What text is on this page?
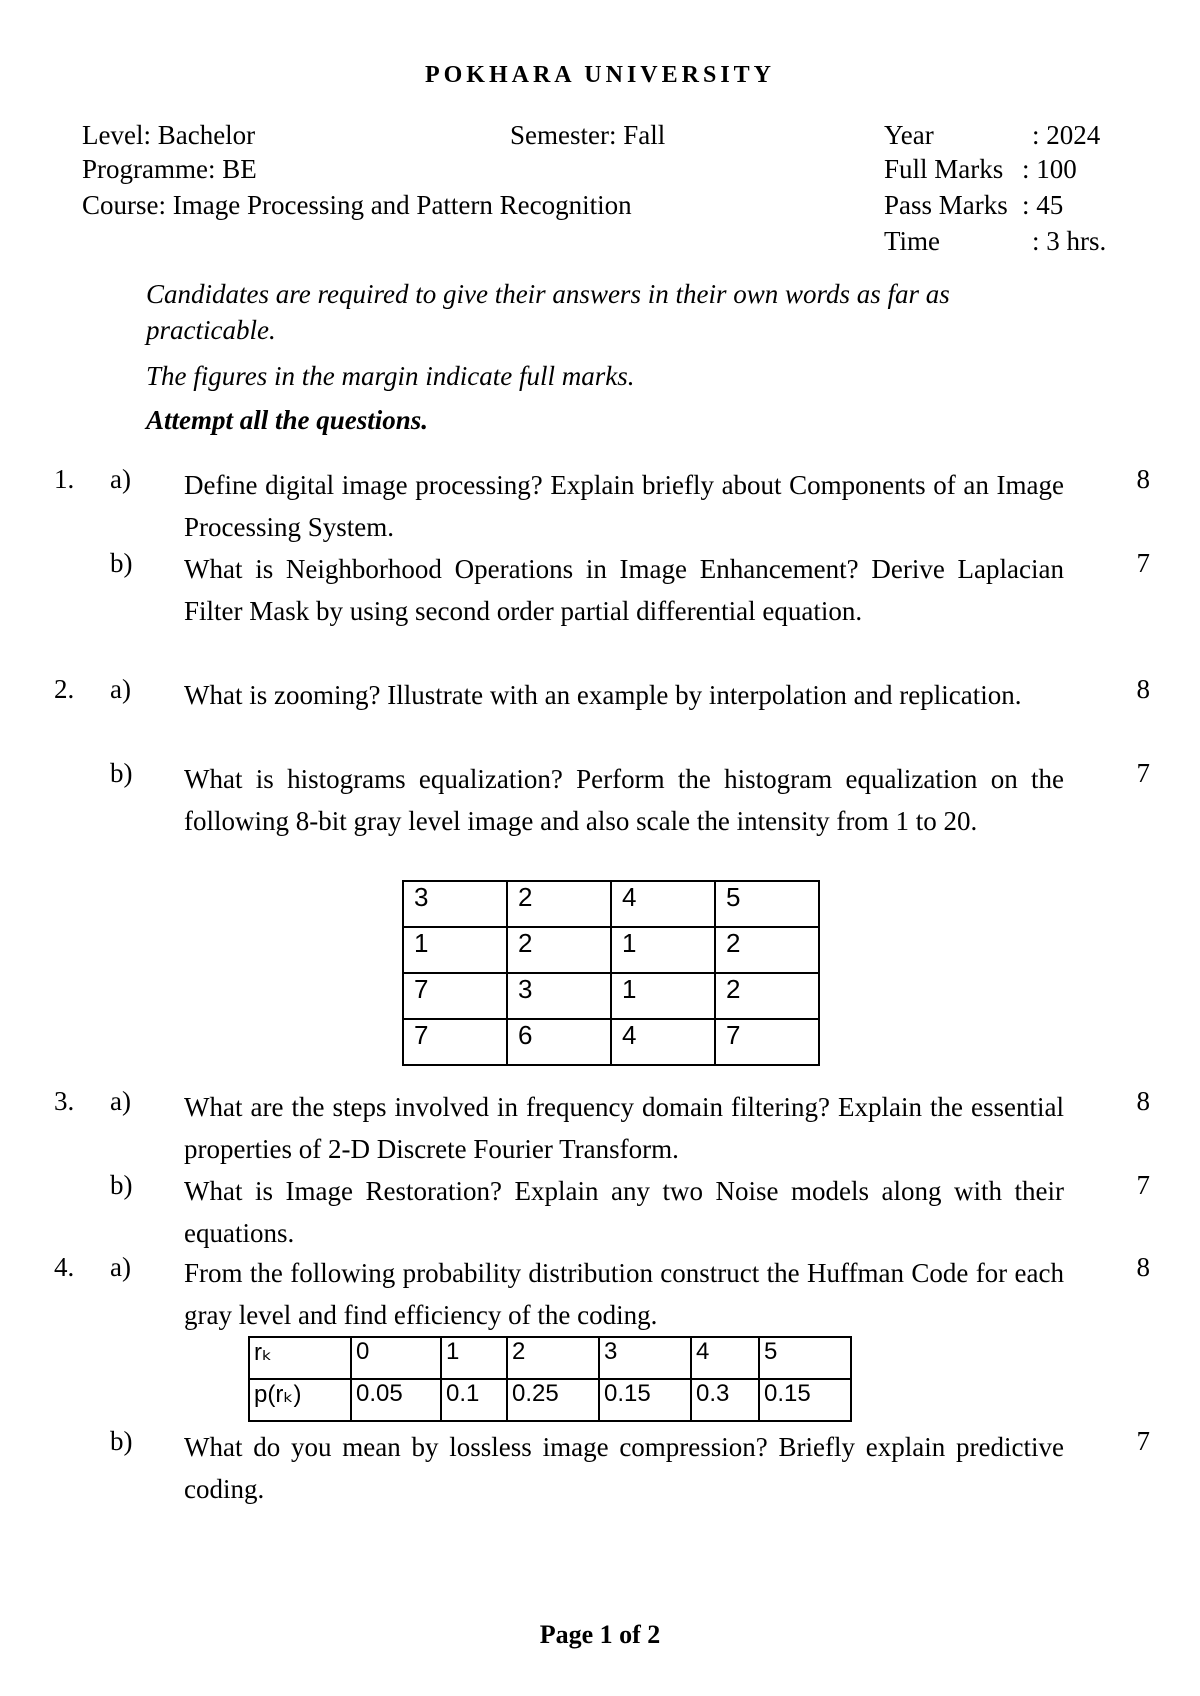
POKHARA UNIVERSITY
Level: Bachelor	Semester: Fall
Programme: BE
Course: Image Processing and Pattern Recognition
Year	: 2024
Full Marks : 100
Pass Marks : 45
Time	: 3 hrs.
Candidates are required to give their answers in their own words as far as practicable.
The figures in the margin indicate full marks.
Attempt all the questions.
1.	a)	Define digital image processing? Explain briefly about Components of an Image Processing System.
8
b)	What is Neighborhood Operations in Image Enhancement? Derive Laplacian Filter Mask by using second order partial differential equation.
7
2.	a)	What is zooming? Illustrate with an example by interpolation and replication.	8
b)	What is histograms equalization? Perform the histogram equalization on the following 8-bit gray level image and also scale the intensity from 1 to 20.
7
3	2	4	5
1	2	1	2
7	3	1	2
7	6	4	7
3.	a)	What are the steps involved in frequency domain filtering? Explain the essential properties of 2-D Discrete Fourier Transform.
8
b)	What is Image Restoration? Explain any two Noise models along with their equations.
7
4.	a)	From the following probability distribution construct the Huffman Code for each gray level and find efficiency of the coding.
8
rₖ	0	1	2	3	4	5
p(rₖ)	0.05	0.1	0.25	0.15	0.3	0.15
b)	What do you mean by lossless image compression? Briefly explain predictive coding.
7
Page 1 of 2
